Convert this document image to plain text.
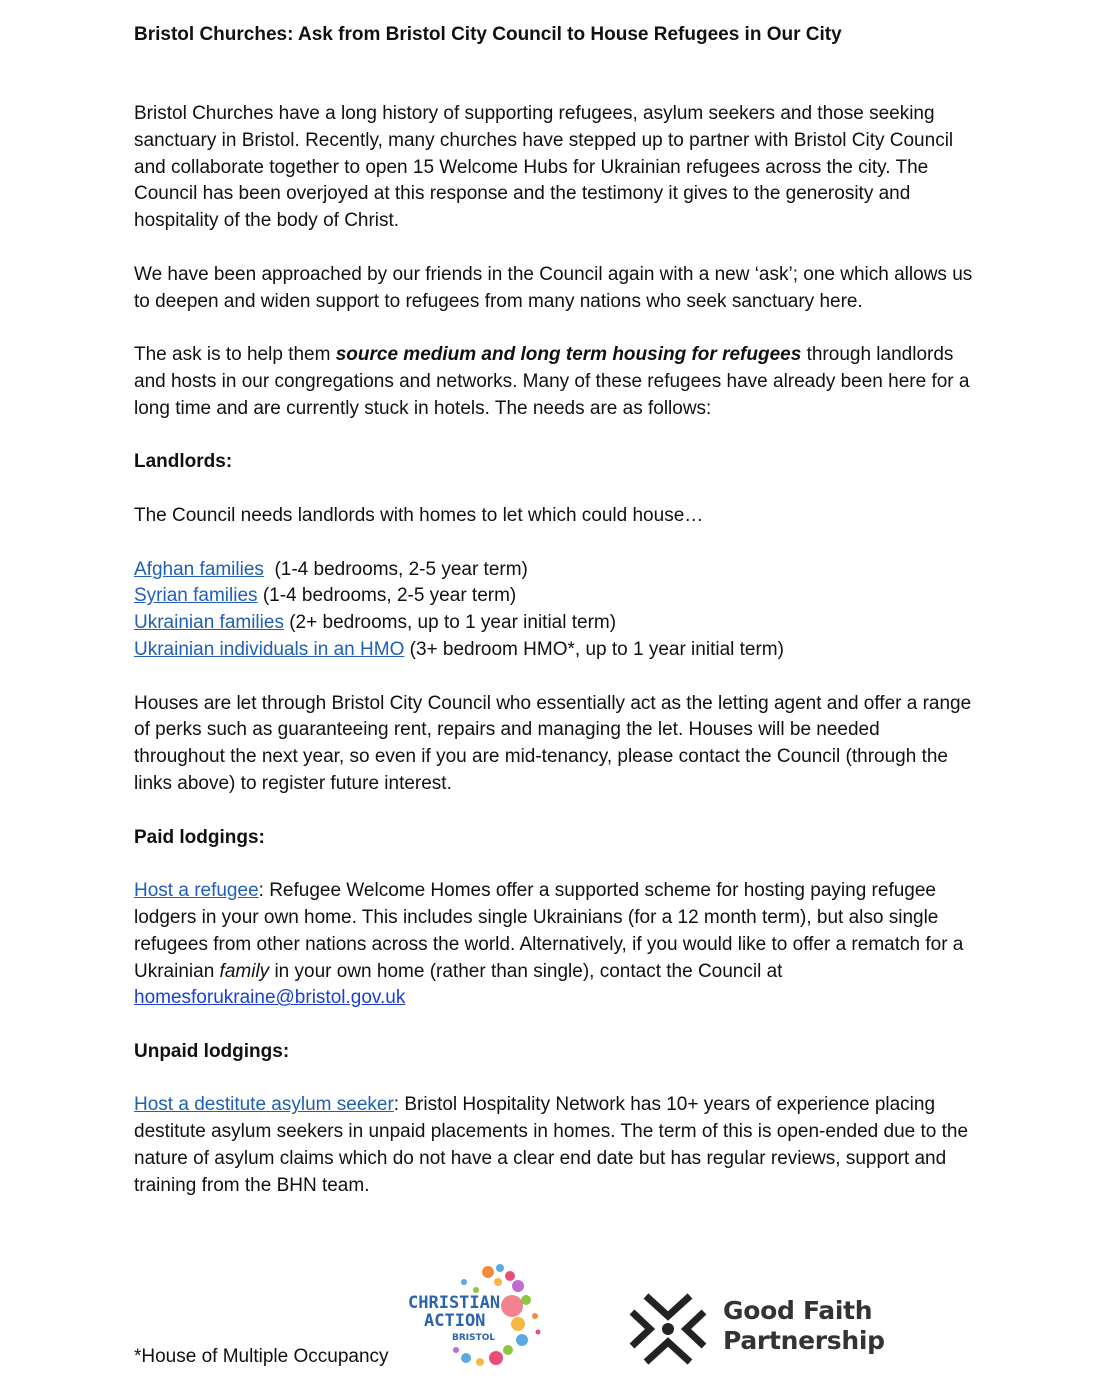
Bristol Churches: Ask from Bristol City Council to House Refugees in Our City

Bristol Churches have a long history of supporting refugees, asylum seekers and those seeking sanctuary in Bristol. Recently, many churches have stepped up to partner with Bristol City Council and collaborate together to open 15 Welcome Hubs for Ukrainian refugees across the city. The Council has been overjoyed at this response and the testimony it gives to the generosity and hospitality of the body of Christ.

We have been approached by our friends in the Council again with a new ‘ask’; one which allows us to deepen and widen support to refugees from many nations who seek sanctuary here.

The ask is to help them source medium and long term housing for refugees through landlords and hosts in our congregations and networks. Many of these refugees have already been here for a long time and are currently stuck in hotels. The needs are as follows:

Landlords:

The Council needs landlords with homes to let which could house…

Afghan families  (1-4 bedrooms, 2-5 year term)

Syrian families (1-4 bedrooms, 2-5 year term)

Ukrainian families (2+ bedrooms, up to 1 year initial term)

Ukrainian individuals in an HMO (3+ bedroom HMO*, up to 1 year initial term)

Houses are let through Bristol City Council who essentially act as the letting agent and offer a range of perks such as guaranteeing rent, repairs and managing the let. Houses will be needed throughout the next year, so even if you are mid-tenancy, please contact the Council (through the links above) to register future interest.

Paid lodgings:

Host a refugee: Refugee Welcome Homes offer a supported scheme for hosting paying refugee lodgers in your own home. This includes single Ukrainians (for a 12 month term), but also single refugees from other nations across the world. Alternatively, if you would like to offer a rematch for a Ukrainian family in your own home (rather than single), contact the Council at homesforukraine@bristol.gov.uk

Unpaid lodgings:

Host a destitute asylum seeker: Bristol Hospitality Network has 10+ years of experience placing destitute asylum seekers in unpaid placements in homes. The term of this is open-ended due to the nature of asylum claims which do not have a clear end date but has regular reviews, support and training from the BHN team.

*House of Multiple Occupancy
CHRISTIAN
ACTION
BRISTOL
Good Faith
Partnership
